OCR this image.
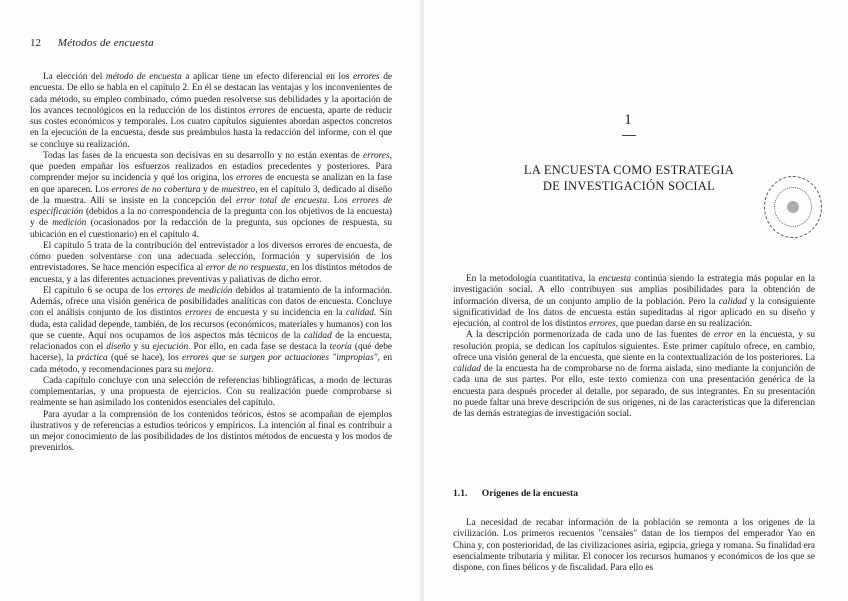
12 Métodos de encuesta

La elección del método de encuesta a aplicar tiene un efecto diferencial en los errores de encuesta. De ello se habla en el capítulo 2. En él se destacan las ventajas y los inconvenientes de cada método, su empleo combinado, cómo pueden resolverse sus debilidades y la aportación de los avances tecnológicos en la reducción de los distintos errores de encuesta, aparte de reducir sus costes económicos y temporales. Los cuatro capítulos siguientes abordan aspectos concretos en la ejecución de la encuesta, desde sus preámbulos hasta la redacción del informe, con el que se concluye su realización.

Todas las fases de la encuesta son decisivas en su desarrollo y no están exentas de errores, que pueden empañar los esfuerzos realizados en estadios precedentes y posteriores. Para comprender mejor su incidencia y qué los origina, los errores de encuesta se analizan en la fase en que aparecen. Los errores de no cobertura y de muestreo, en el capítulo 3, dedicado al diseño de la muestra. Allí se insiste en la concepción del error total de encuesta. Los errores de especificación (debidos a la no correspondencia de la pregunta con los objetivos de la encuesta) y de medición (ocasionados por la redacción de la pregunta, sus opciones de respuesta, su ubicación en el cuestionario) en el capítulo 4.

El capítulo 5 trata de la contribución del entrevistador a los diversos errores de encuesta, de cómo pueden solventarse con una adecuada selección, formación y supervisión de los entrevistadores. Se hace mención específica al error de no respuesta, en los distintos métodos de encuesta, y a las diferentes actuaciones preventivas y paliativas de dicho error.

El capítulo 6 se ocupa de los errores de medición debidos al tratamiento de la información. Además, ofrece una visión genérica de posibilidades analíticas con datos de encuesta. Concluye con el análisis conjunto de los distintos errores de encuesta y su incidencia en la calidad. Sin duda, esta calidad depende, también, de los recursos (económicos, materiales y humanos) con los que se cuente. Aquí nos ocupamos de los aspectos más técnicos de la calidad de la encuesta, relacionados con el diseño y su ejecución. Por ello, en cada fase se destaca la teoría (qué debe hacerse), la práctica (qué se hace), los errores que se surgen por actuaciones "impropias", en cada método, y recomendaciones para su mejora.

Cada capítulo concluye con una selección de referencias bibliográficas, a modo de lecturas complementarias, y una propuesta de ejercicios. Con su realización puede comprobarse si realmente se han asimilado los contenidos esenciales del capítulo.

Para ayudar a la comprensión de los contenidos teóricos, éstos se acompañan de ejemplos ilustrativos y de referencias a estudios teóricos y empíricos. La intención al final es contribuir a un mejor conocimiento de las posibilidades de los distintos métodos de encuesta y los modos de prevenirlos.

1
LA ENCUESTA COMO ESTRATEGIA
DE INVESTIGACIÓN SOCIAL

En la metodología cuantitativa, la encuesta continúa siendo la estrategia más popular en la investigación social. A ello contribuyen sus amplias posibilidades para la obtención de información diversa, de un conjunto amplio de la población. Pero la calidad y la consiguiente significatividad de los datos de encuesta están supeditadas al rigor aplicado en su diseño y ejecución, al control de los distintos errores, que puedan darse en su realización.

A la descripción pormenorizada de cada uno de las fuentes de error en la encuesta, y su resolución propia, se dedican los capítulos siguientes. Este primer capítulo ofrece, en cambio, ofrece una visión general de la encuesta, que siente en la contextualización de los posteriores. La calidad de la encuesta ha de comprobarse no de forma aislada, sino mediante la conjunción de cada una de sus partes. Por ello, este texto comienza con una presentación genérica de la encuesta para después proceder al detalle, por separado, de sus integrantes. En su presentación no puede faltar una breve descripción de sus orígenes, ni de las características que la diferencian de las demás estrategias de investigación social.

1.1. Orígenes de la encuesta

La necesidad de recabar información de la población se remonta a los orígenes de la civilización. Los primeros recuentos "censales" datan de los tiempos del emperador Yao en China y, con posterioridad, de las civilizaciones asiria, egipcia, griega y romana. Su finalidad era esencialmente tributaria y militar. El conocer los recursos humanos y económicos de los que se dispone, con fines bélicos y de fiscalidad. Para ello es
